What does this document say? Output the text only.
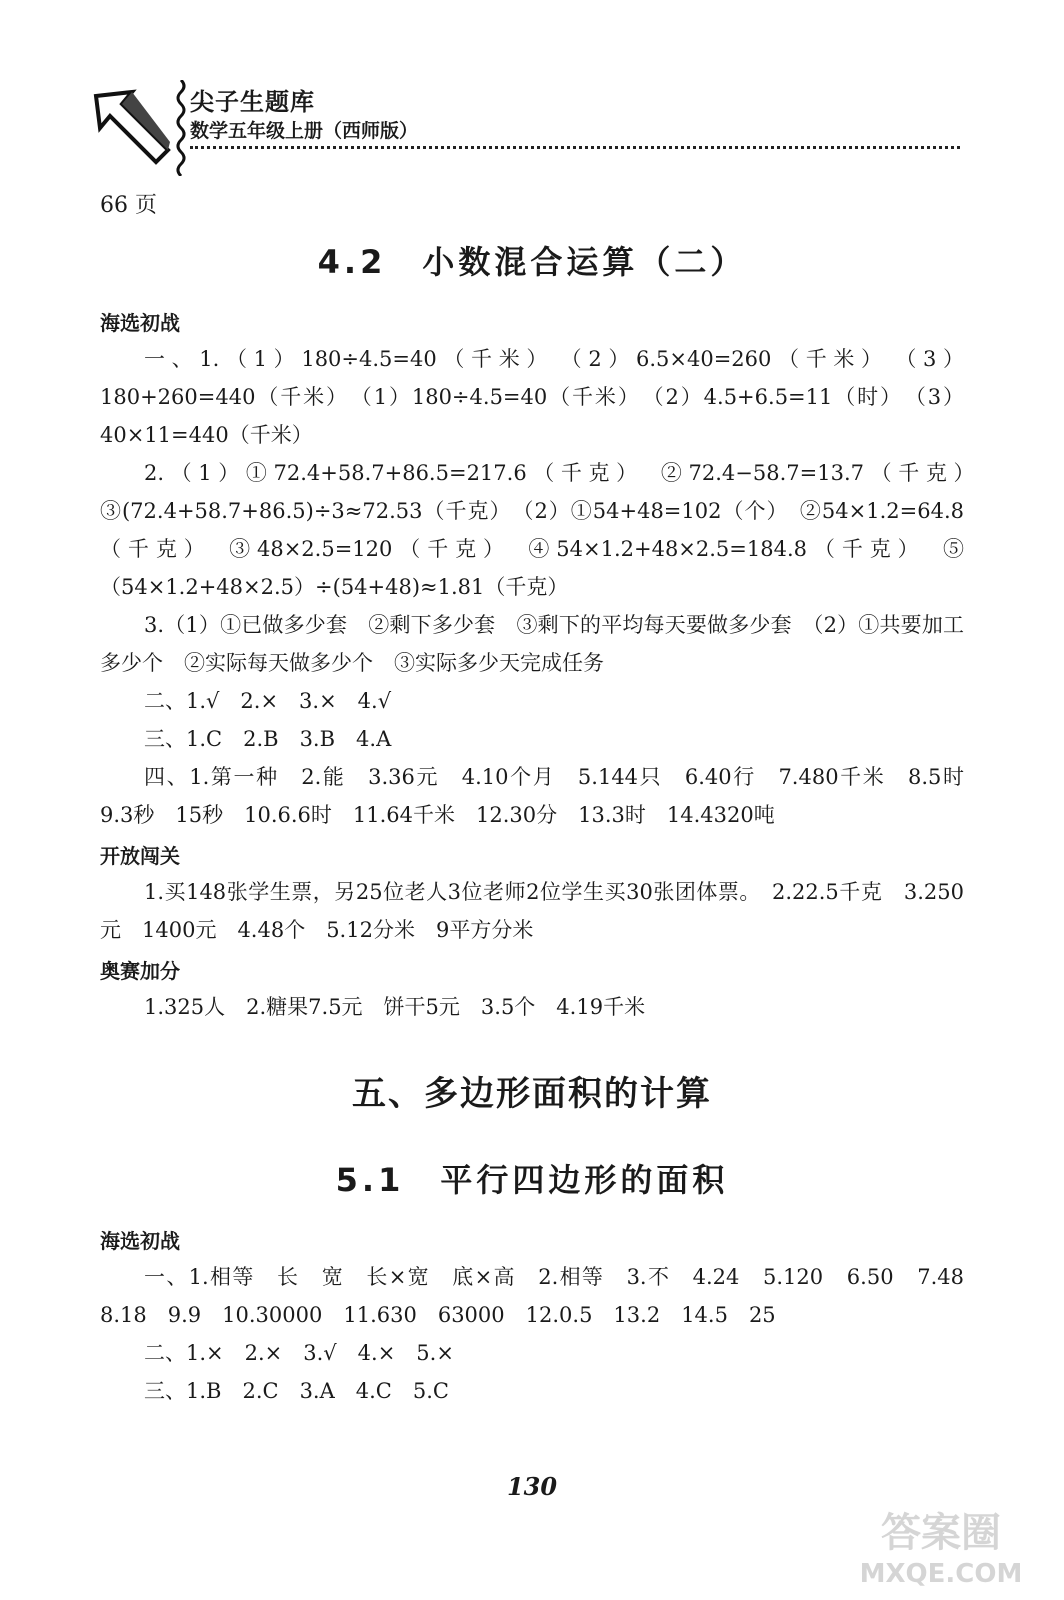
尖子生题库
数学五年级上册（西师版）
66 页
4.2　小数混合运算（二）
海选初战

一、1.（1）180÷4.5=40（千米）　（2）6.5×40=260（千米）　（3）180+260=440（千米）　（1）180÷4.5=40（千米）　（2）4.5+6.5=11（时）　（3）40×11=440（千米）

2.（1）①72.4+58.7+86.5=217.6（千克）　②72.4−58.7=13.7（千克）　③(72.4+58.7+86.5)÷3≈72.53（千克）　（2）①54+48=102（个）　②54×1.2=64.8（千克）　③48×2.5=120（千克）　④54×1.2+48×2.5=184.8（千克）　⑤（54×1.2+48×2.5）÷(54+48)≈1.81（千克）

3.（1）①已做多少套　②剩下多少套　③剩下的平均每天要做多少套　（2）①共要加工多少个　②实际每天做多少个　③实际多少天完成任务

二、1.√　2.×　3.×　4.√

三、1.C　2.B　3.B　4.A

四、1.第一种　2.能　3.36元　4.10个月　5.144只　6.40行　7.480千米　8.5时　9.3秒　15秒　10.6.6时　11.64千米　12.30分　13.3时　14.4320吨

开放闯关

1.买148张学生票，另25位老人3位老师2位学生买30张团体票。　2.22.5千克　3.250元　1400元　4.48个　5.12分米　9平方分米

奥赛加分

1.325人　2.糖果7.5元　饼干5元　3.5个　4.19千米

五、多边形面积的计算
5.1　平行四边形的面积
海选初战

一、1.相等　长　宽　长×宽　底×高　2.相等　3.不　4.24　5.120　6.50　7.48　8.18　9.9　10.30000　11.630　63000　12.0.5　13.2　14.5　25

二、1.×　2.×　3.√　4.×　5.×

三、1.B　2.C　3.A　4.C　5.C

130
答案圈
MXQE.COM
